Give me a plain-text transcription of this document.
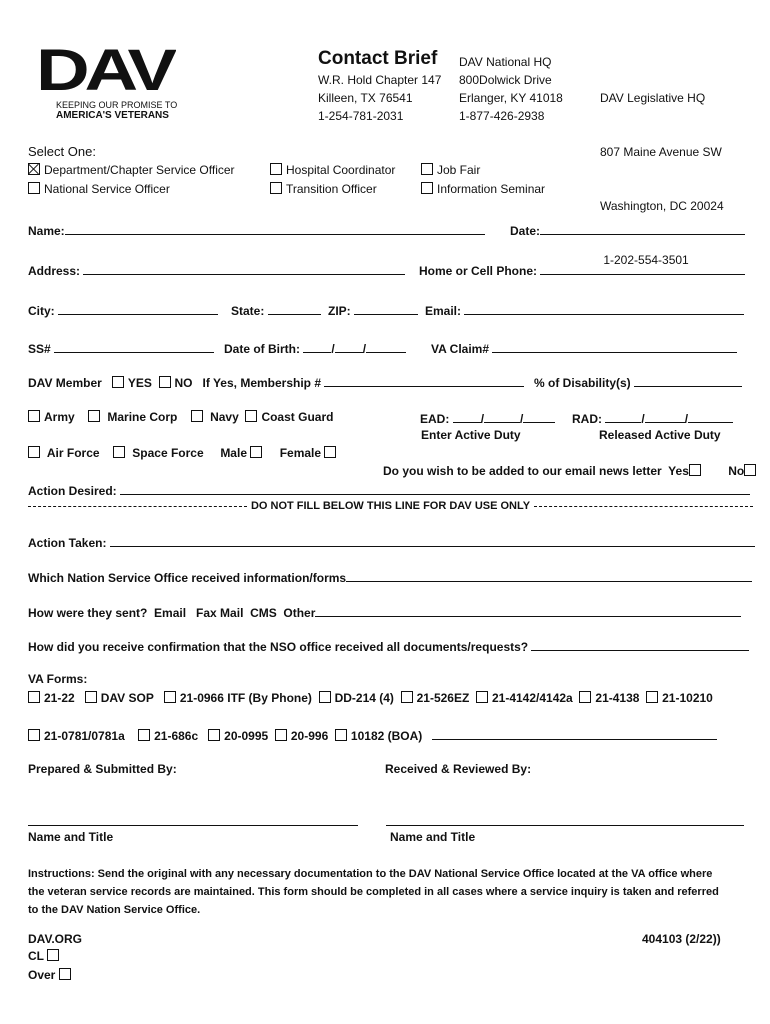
DAV
KEEPING OUR PROMISE TO
AMERICA'S VETERANS
Contact Brief
W.R. Hold Chapter 147
Killeen, TX 76541
1-254-781-2031
DAV National HQ
800Dolwick Drive
Erlanger, KY 41018
1-877-426-2938

DAV Legislative HQ

807 Maine Avenue SW

Washington, DC 20024

1-202-554-3501

Select One:
Department/Chapter Service Officer
National Service Officer
Hospital Coordinator
Transition Officer
Job Fair
Information Seminar
Name:	Date:
Address:	Home or Cell Phone:
City:	State:	ZIP:	Email:
SS#	Date of Birth:	/ /	VA Claim#
DAV Member YES NO If Yes, Membership #	% of Disability(s)
Army	Marine Corp	Navy Coast Guard
Air Force	Space Force Male	Female
EAD:	/	/
Enter Active Duty
RAD:	/	/
Released Active Duty
Do you wish to be added to our email news letter Yes	No
Action Desired:
DO NOT FILL BELOW THIS LINE FOR DAV USE ONLY
Action Taken:
Which Nation Service Office received information/forms
How were they sent?  Email   Fax Mail  CMS  Other
How did you receive confirmation that the NSO office received all documents/requests?
VA Forms:
21-22 DAV SOP 21-0966 ITF (By Phone) DD-214 (4) 21-526EZ 21-4142/4142a 21-4138 21-10210
21-0781/0781a 21-686c 20-0995 20-996 10182 (BOA)
Prepared & Submitted By:	Received & Reviewed By:
Name and Title	Name and Title
Instructions: Send the original with any necessary documentation to the DAV National Service Office located at the VA office where
the veteran service records are maintained. This form should be completed in all cases where a service inquiry is taken and referred
to the DAV Nation Service Office.
DAV.ORG	404103 (2/22))
CL
Over
